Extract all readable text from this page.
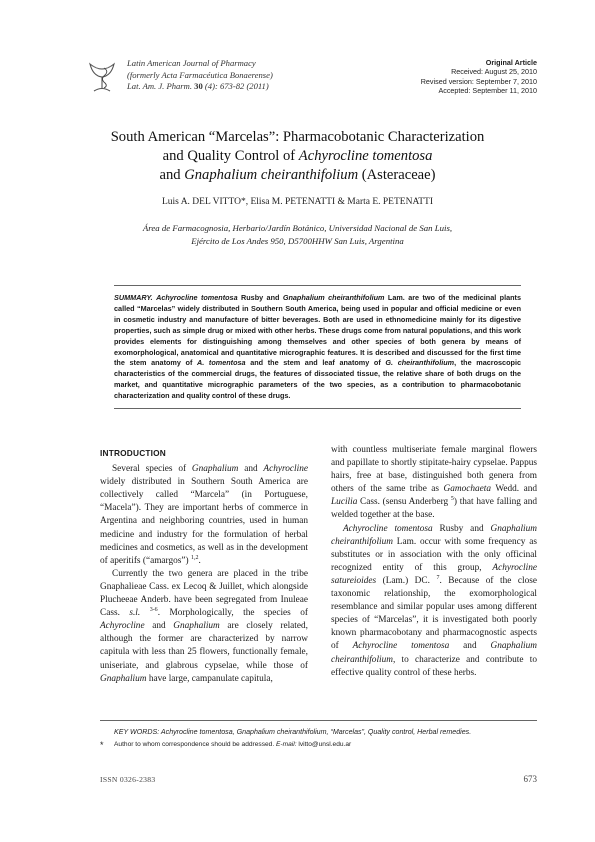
Latin American Journal of Pharmacy
(formerly Acta Farmacéutica Bonaerense)
Lat. Am. J. Pharm. 30 (4): 673-82 (2011)
Original Article
Received: August 25, 2010
Revised version: September 7, 2010
Accepted: September 11, 2010
South American “Marcelas”: Pharmacobotanic Characterization
and Quality Control of Achyrocline tomentosa
and Gnaphalium cheiranthifolium (Asteraceae)
Luis A. DEL VITTO*, Elisa M. PETENATTI & Marta E. PETENATTI
Área de Farmacognosia, Herbario/Jardín Botánico, Universidad Nacional de San Luis,
Ejército de Los Andes 950, D5700HHW San Luis, Argentina
SUMMARY. Achyrocline tomentosa Rusby and Gnaphalium cheiranthifolium Lam. are two of the medicinal plants called “Marcelas” widely distributed in Southern South America, being used in popular and official medicine or even in cosmetic industry and manufacture of bitter beverages. Both are used in ethnomedicine mainly for its digestive properties, such as simple drug or mixed with other herbs. These drugs come from natural populations, and this work provides elements for distinguishing among themselves and other species of both genera by means of exomorphological, anatomical and quantitative micrographic features. It is described and discussed for the first time the stem anatomy of A. tomentosa and the stem and leaf anatomy of G. cheiranthifolium, the macroscopic characteristics of the commercial drugs, the features of dissociated tissue, the relative share of both drugs on the market, and quantitative micrographic parameters of the two species, as a contribution to pharmacobotanic characterization and quality control of these drugs.
INTRODUCTION

Several species of Gnaphalium and Achyrocline widely distributed in Southern South America are collectively called “Marcela” (in Portuguese, “Macela”). They are important herbs of commerce in Argentina and neighboring countries, used in human medicine and industry for the formulation of herbal medicines and cosmetics, as well as in the development of aperitifs (“amargos”) $^{1,2}$.

Currently the two genera are placed in the tribe Gnaphalieae Cass. ex Lecoq & Juillet, which alongside Plucheeae Anderb. have been segregated from Inuleae Cass. s.l. $^{3-6}$. Morphologically, the species of Achyrocline and Gnaphalium are closely related, although the former are characterized by narrow capitula with less than 25 flowers, functionally female, uniseriate, and glabrous cypselae, while those of Gnaphalium have large, campanulate capitula,

with countless multiseriate female marginal flowers and papillate to shortly stipitate-hairy cypselae. Pappus hairs, free at base, distinguished both genera from others of the same tribe as Gamochaeta Wedd. and Lucilia Cass. (sensu Anderberg $^5$) that have falling and welded together at the base.

Achyrocline tomentosa Rusby and Gnaphalium cheiranthifolium Lam. occur with some frequency as substitutes or in association with the only officinal recognized entity of this group, Achyrocline satureioides (Lam.) DC. $^7$. Because of the close taxonomic relationship, the exomorphological resemblance and similar popular uses among different species of “Marcelas”, it is investigated both poorly known pharmacobotany and pharmacognostic aspects of Achyrocline tomentosa and Gnaphalium cheiranthifolium, to characterize and contribute to effective quality control of these herbs.

KEY WORDS: Achyrocline tomentosa, Gnaphalium cheiranthifolium, “Marcelas”, Quality control, Herbal remedies.
* Author to whom correspondence should be addressed. E-mail: lvitto@unsl.edu.ar
ISSN 0326-2383	673
